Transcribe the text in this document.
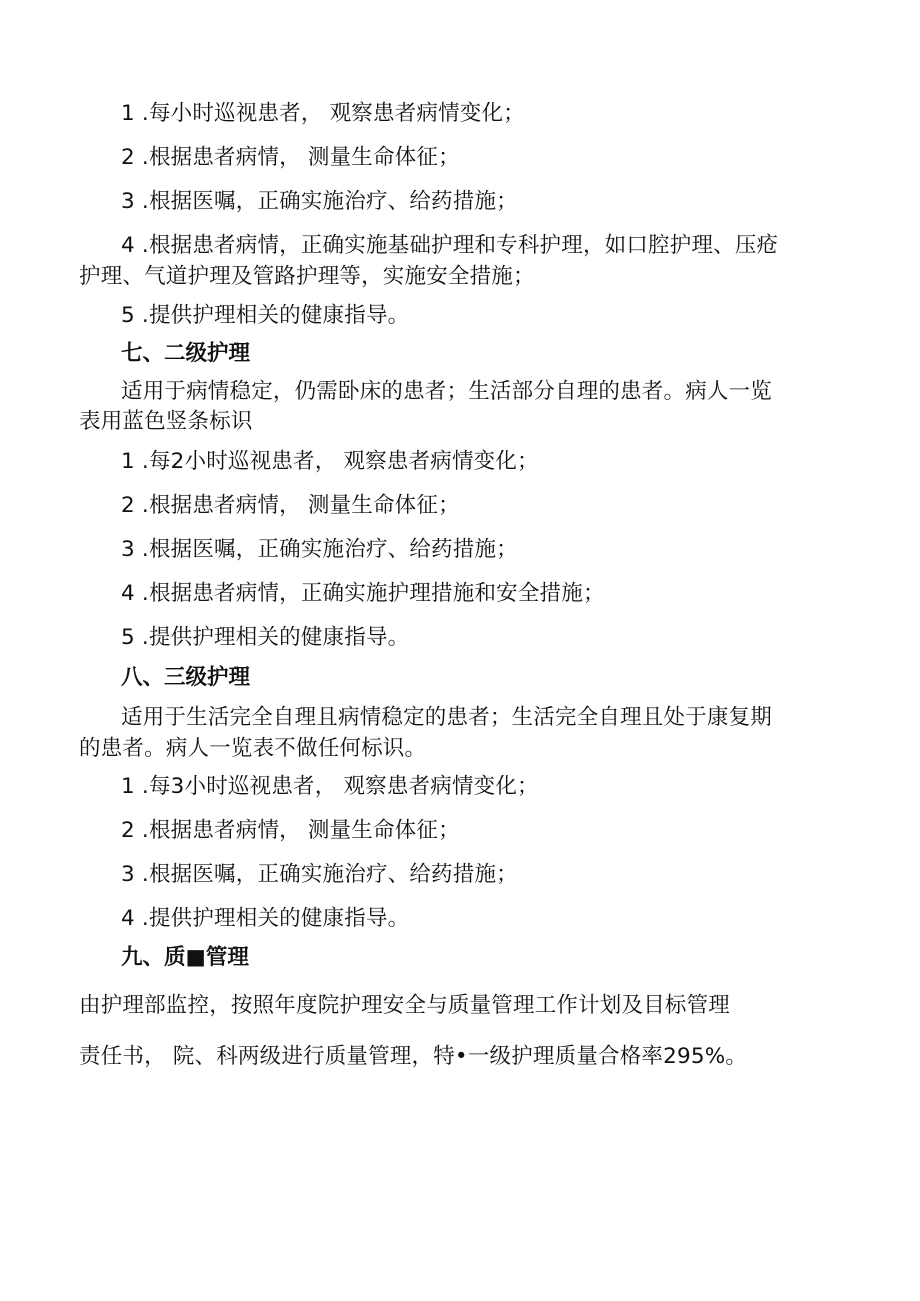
1 .每小时巡视患者， 观察患者病情变化；
2 .根据患者病情， 测量生命体征；
3 .根据医嘱，正确实施治疗、给药措施；
4 .根据患者病情，正确实施基础护理和专科护理，如口腔护理、压疮
护理、气道护理及管路护理等，实施安全措施；
5 .提供护理相关的健康指导。
七、二级护理
适用于病情稳定，仍需卧床的患者；生活部分自理的患者。病人一览
表用蓝色竖条标识
1 .每2小时巡视患者， 观察患者病情变化；
2 .根据患者病情， 测量生命体征；
3 .根据医嘱，正确实施治疗、给药措施；
4 .根据患者病情，正确实施护理措施和安全措施；
5 .提供护理相关的健康指导。
八、三级护理
适用于生活完全自理且病情稳定的患者；生活完全自理且处于康复期
的患者。病人一览表不做任何标识。
1 .每3小时巡视患者， 观察患者病情变化；
2 .根据患者病情， 测量生命体征；
3 .根据医嘱，正确实施治疗、给药措施；
4 .提供护理相关的健康指导。
九、质■管理
由护理部监控，按照年度院护理安全与质量管理工作计划及目标管理
责任书， 院、科两级进行质量管理，特•一级护理质量合格率295%。
